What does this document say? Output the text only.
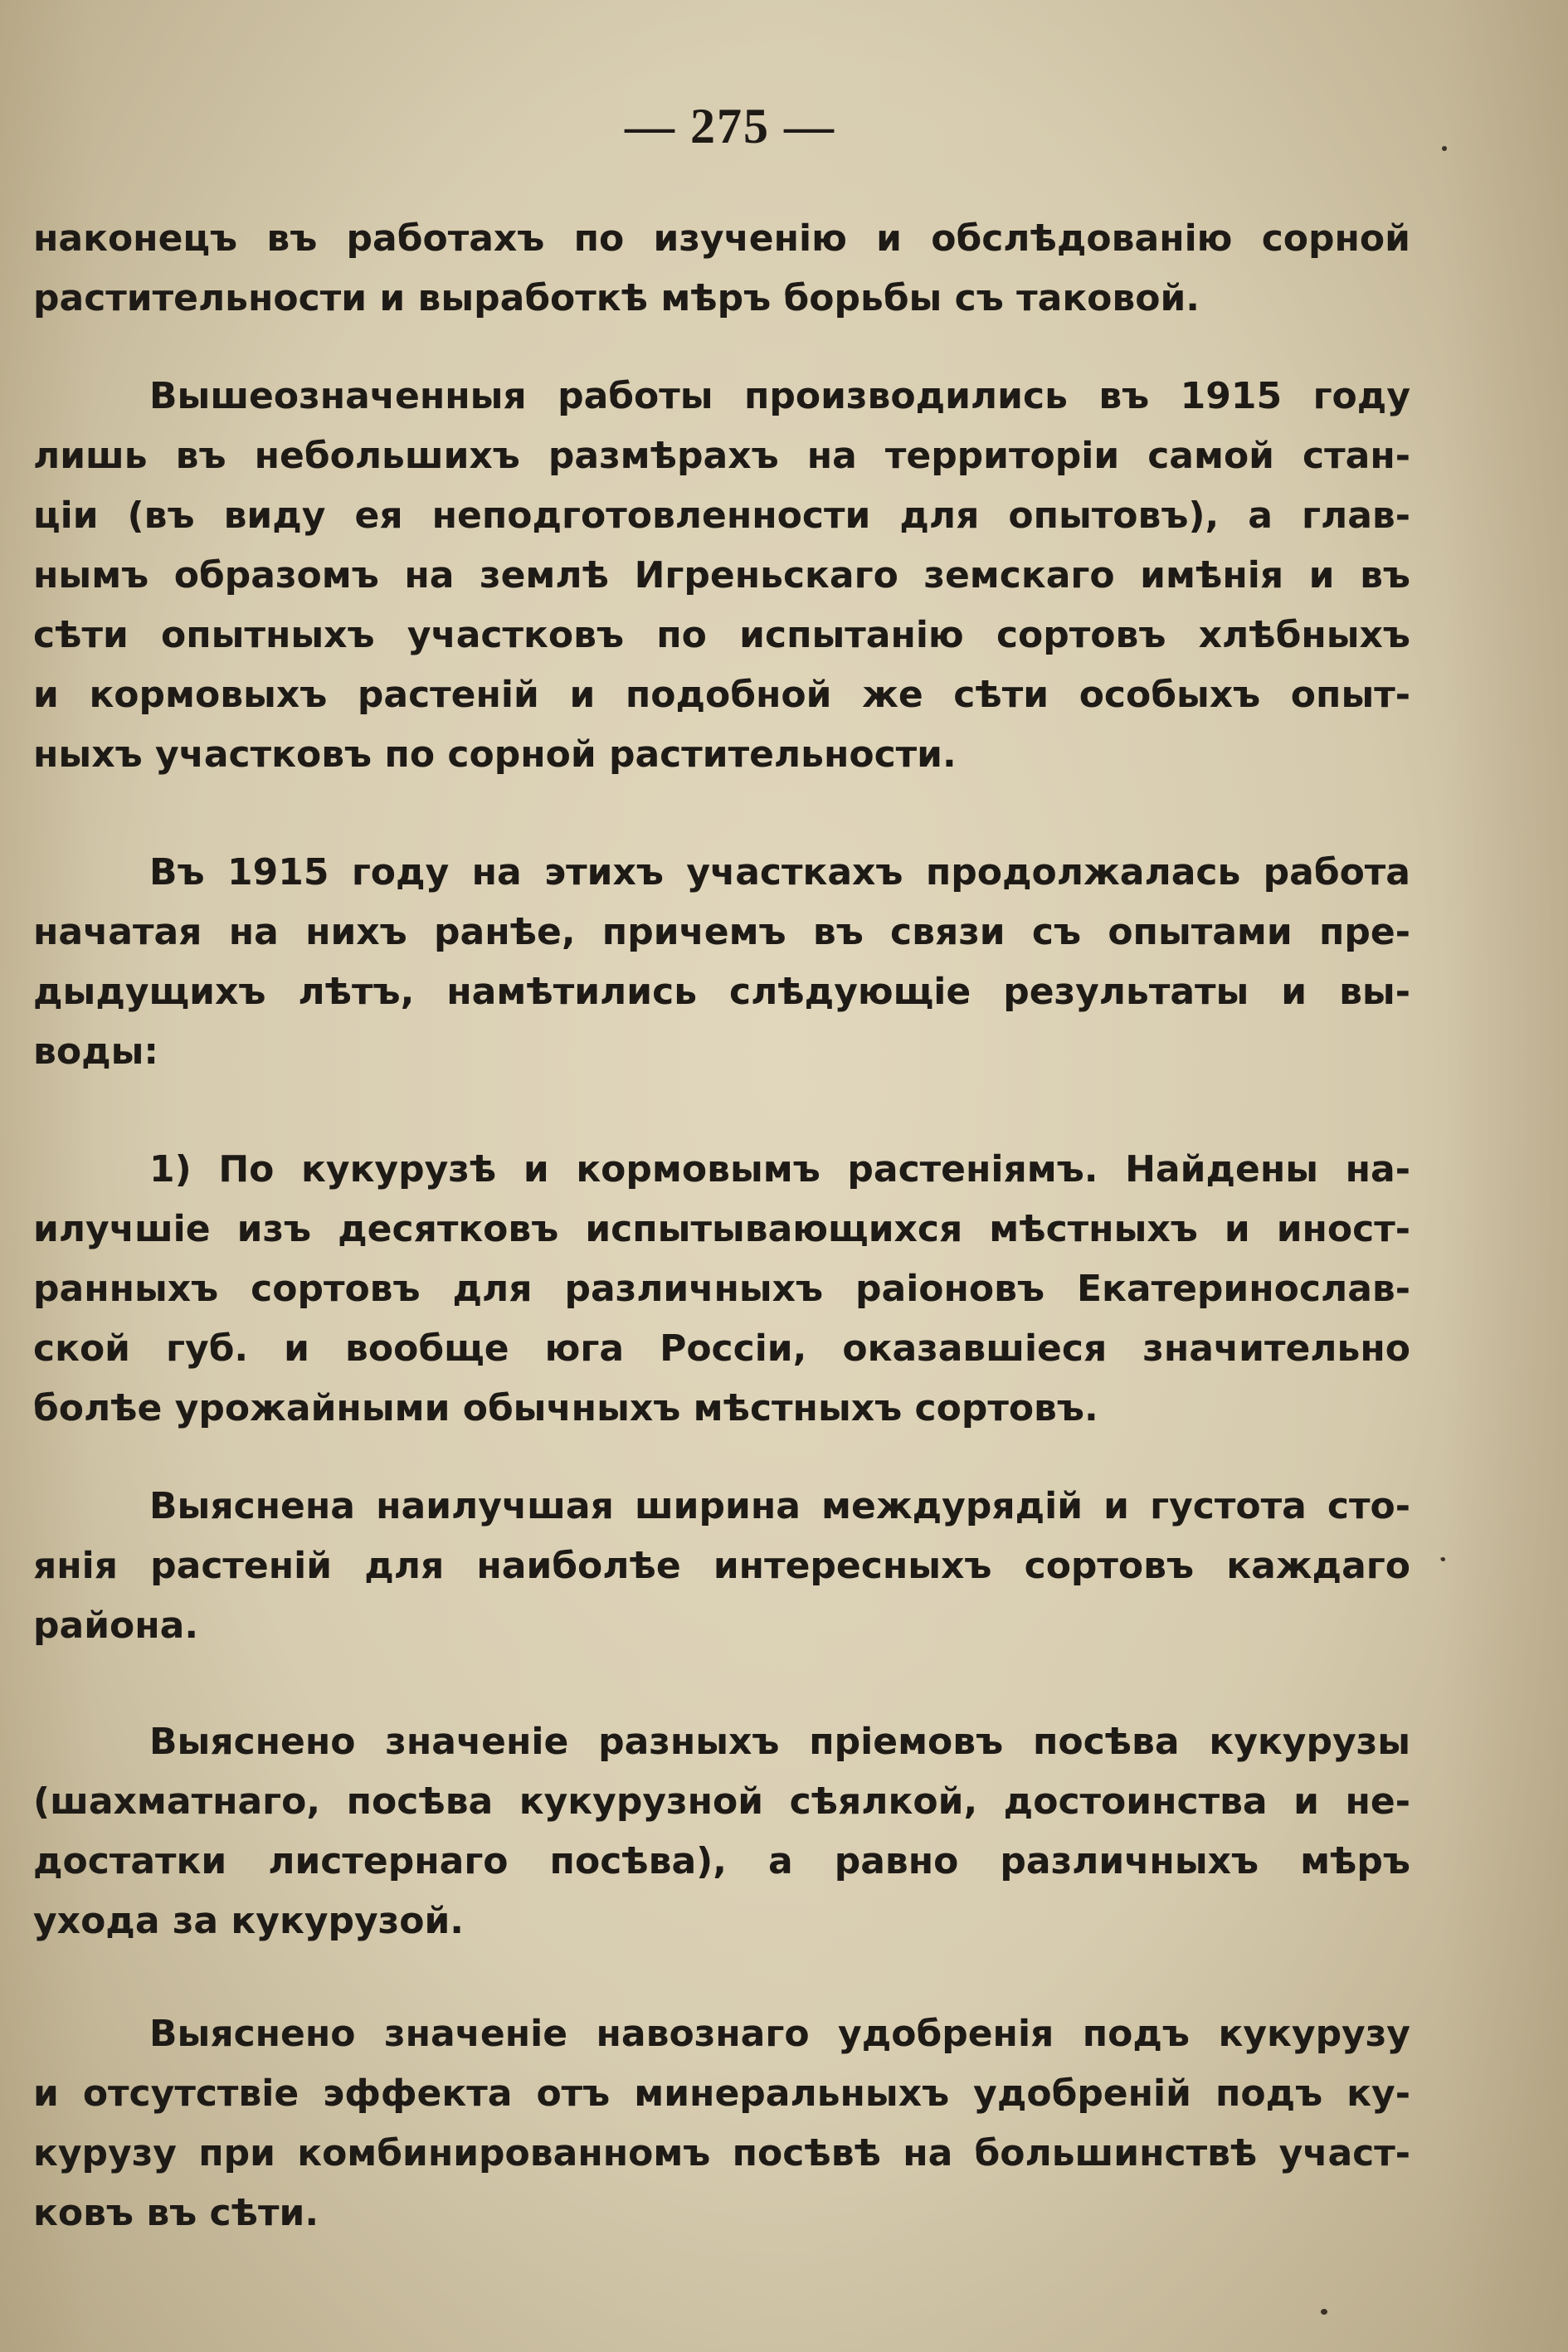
— 275 —
наконецъ въ работахъ по изученію и обслѣдованію сорной
растительности и выработкѣ мѣръ борьбы съ таковой.
Вышеозначенныя работы производились въ 1915 году
лишь въ небольшихъ размѣрахъ на территоріи самой стан-
ціи (въ виду ея неподготовленности для опытовъ), а глав-
нымъ образомъ на землѣ Игреньскаго земскаго имѣнія и въ
сѣти опытныхъ участковъ по испытанію сортовъ хлѣбныхъ
и кормовыхъ растеній и подобной же сѣти особыхъ опыт-
ныхъ участковъ по сорной растительности.
Въ 1915 году на этихъ участкахъ продолжалась работа
начатая на нихъ ранѣе, причемъ въ связи съ опытами пре-
дыдущихъ лѣтъ, намѣтились слѣдующіе результаты и вы-
воды:
1) По кукурузѣ и кормовымъ растеніямъ. Найдены на-
илучшіе изъ десятковъ испытывающихся мѣстныхъ и иност-
ранныхъ сортовъ для различныхъ раіоновъ Екатеринослав-
ской губ. и вообще юга Россіи, оказавшіеся значительно
болѣе урожайными обычныхъ мѣстныхъ сортовъ.
Выяснена наилучшая ширина междурядій и густота сто-
янія растеній для наиболѣе интересныхъ сортовъ каждаго
района.
Выяснено значеніе разныхъ пріемовъ посѣва кукурузы
(шахматнаго, посѣва кукурузной сѣялкой, достоинства и не-
достатки листернаго посѣва), а равно различныхъ мѣръ
ухода за кукурузой.
Выяснено значеніе навознаго удобренія подъ кукурузу
и отсутствіе эффекта отъ минеральныхъ удобреній подъ ку-
курузу при комбинированномъ посѣвѣ на большинствѣ участ-
ковъ въ сѣти.
